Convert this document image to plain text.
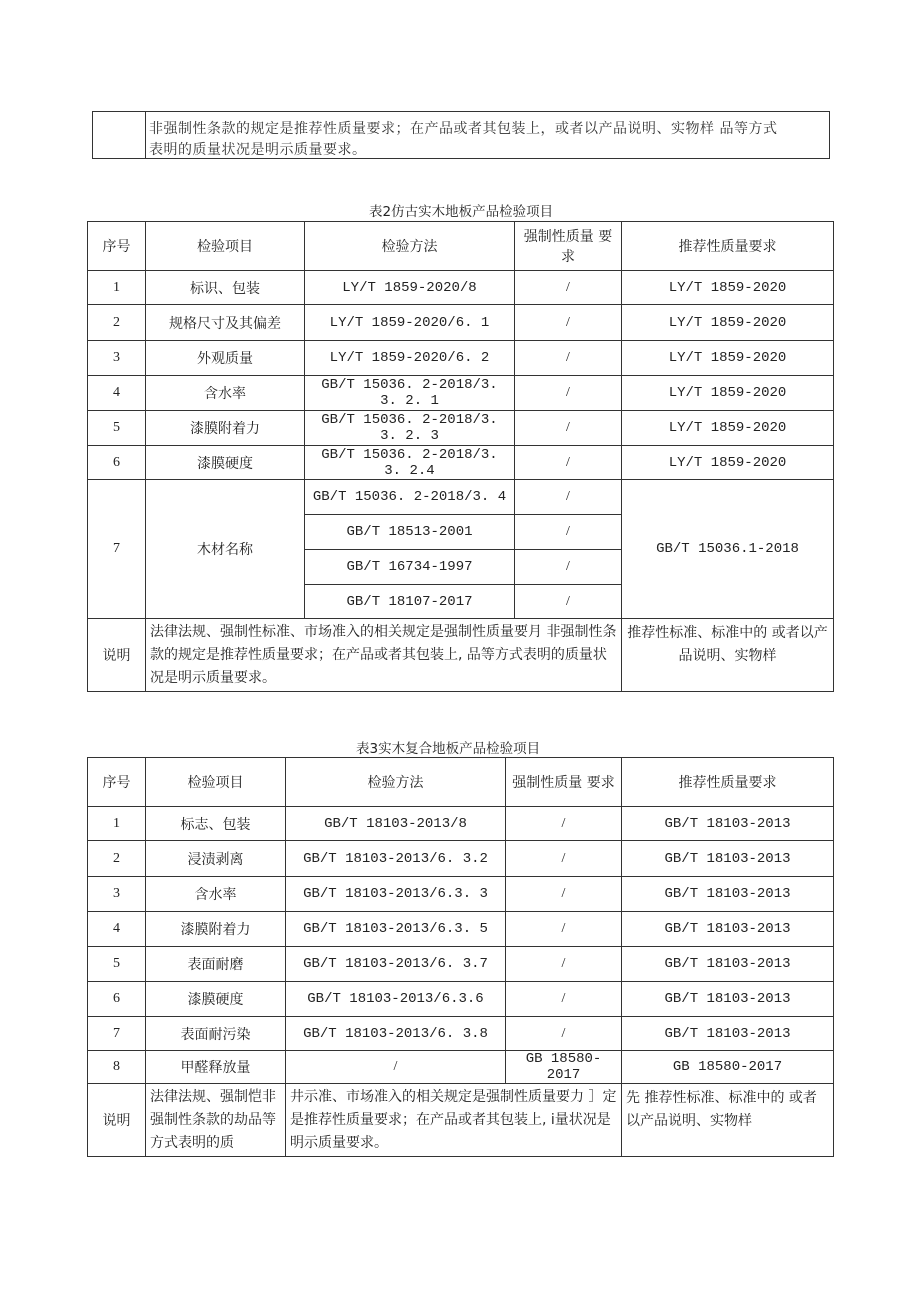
非强制性条款的规定是推荐性质量要求；在产品或者其包装上，或者以产品说明、实物样 品等方式
表明的质量状况是明示质量要求。
表2仿古实木地板产品检验项目
序号	检验项目	检验方法	强制性质量 要求	推荐性质量要求
1	标识、包装	LY/T 1859-2020/8	/	LY/T 1859-2020
2	规格尺寸及其偏差	LY/T 1859-2020/6. 1	/	LY/T 1859-2020
3	外观质量	LY/T 1859-2020/6. 2	/	LY/T 1859-2020
4	含水率	GB/T 15036. 2-2018/3. 3. 2. 1	/	LY/T 1859-2020
5	漆膜附着力	GB/T 15036. 2-2018/3. 3. 2. 3	/	LY/T 1859-2020
6	漆膜硬度	GB/T 15036. 2-2018/3. 3. 2.4	/	LY/T 1859-2020
7	木材名称	GB/T 15036. 2-2018/3. 4	/	GB/T 15036.1-2018
		GB/T 18513-2001	/	
		GB/T 16734-1997	/	
		GB/T 18107-2017	/	
说明	法律法规、强制性标准、市场准入的相关规定是强制性质量要月 非强制性条款的规定是推荐性质量要求；在产品或者其包装上, 品等方式表明的质量状况是明示质量要求。			推荐性标准、标准中的 或者以产品说明、实物样
表3实木复合地板产品检验项目
序号	检验项目	检验方法	强制性质量 要求	推荐性质量要求
1	标志、包装	GB/T 18103-2013/8	/	GB/T 18103-2013
2	浸渍剥离	GB/T 18103-2013/6. 3.2	/	GB/T 18103-2013
3	含水率	GB/T 18103-2013/6.3. 3	/	GB/T 18103-2013
4	漆膜附着力	GB/T 18103-2013/6.3. 5	/	GB/T 18103-2013
5	表面耐磨	GB/T 18103-2013/6. 3.7	/	GB/T 18103-2013
6	漆膜硬度	GB/T 18103-2013/6.3.6	/	GB/T 18103-2013
7	表面耐污染	GB/T 18103-2013/6. 3.8	/	GB/T 18103-2013
8	甲醛释放量	/	GB 18580-2017	GB 18580-2017
说明	法律法规、强制恺非强制性条款的劫品等方式表明的质	井示准、市场准入的相关规定是强制性质量要力 ］定是推荐性质量要求；在产品或者其包装上, i量状况是明示质量要求。		先 推荐性标准、标准中的 或者以产品说明、实物样
